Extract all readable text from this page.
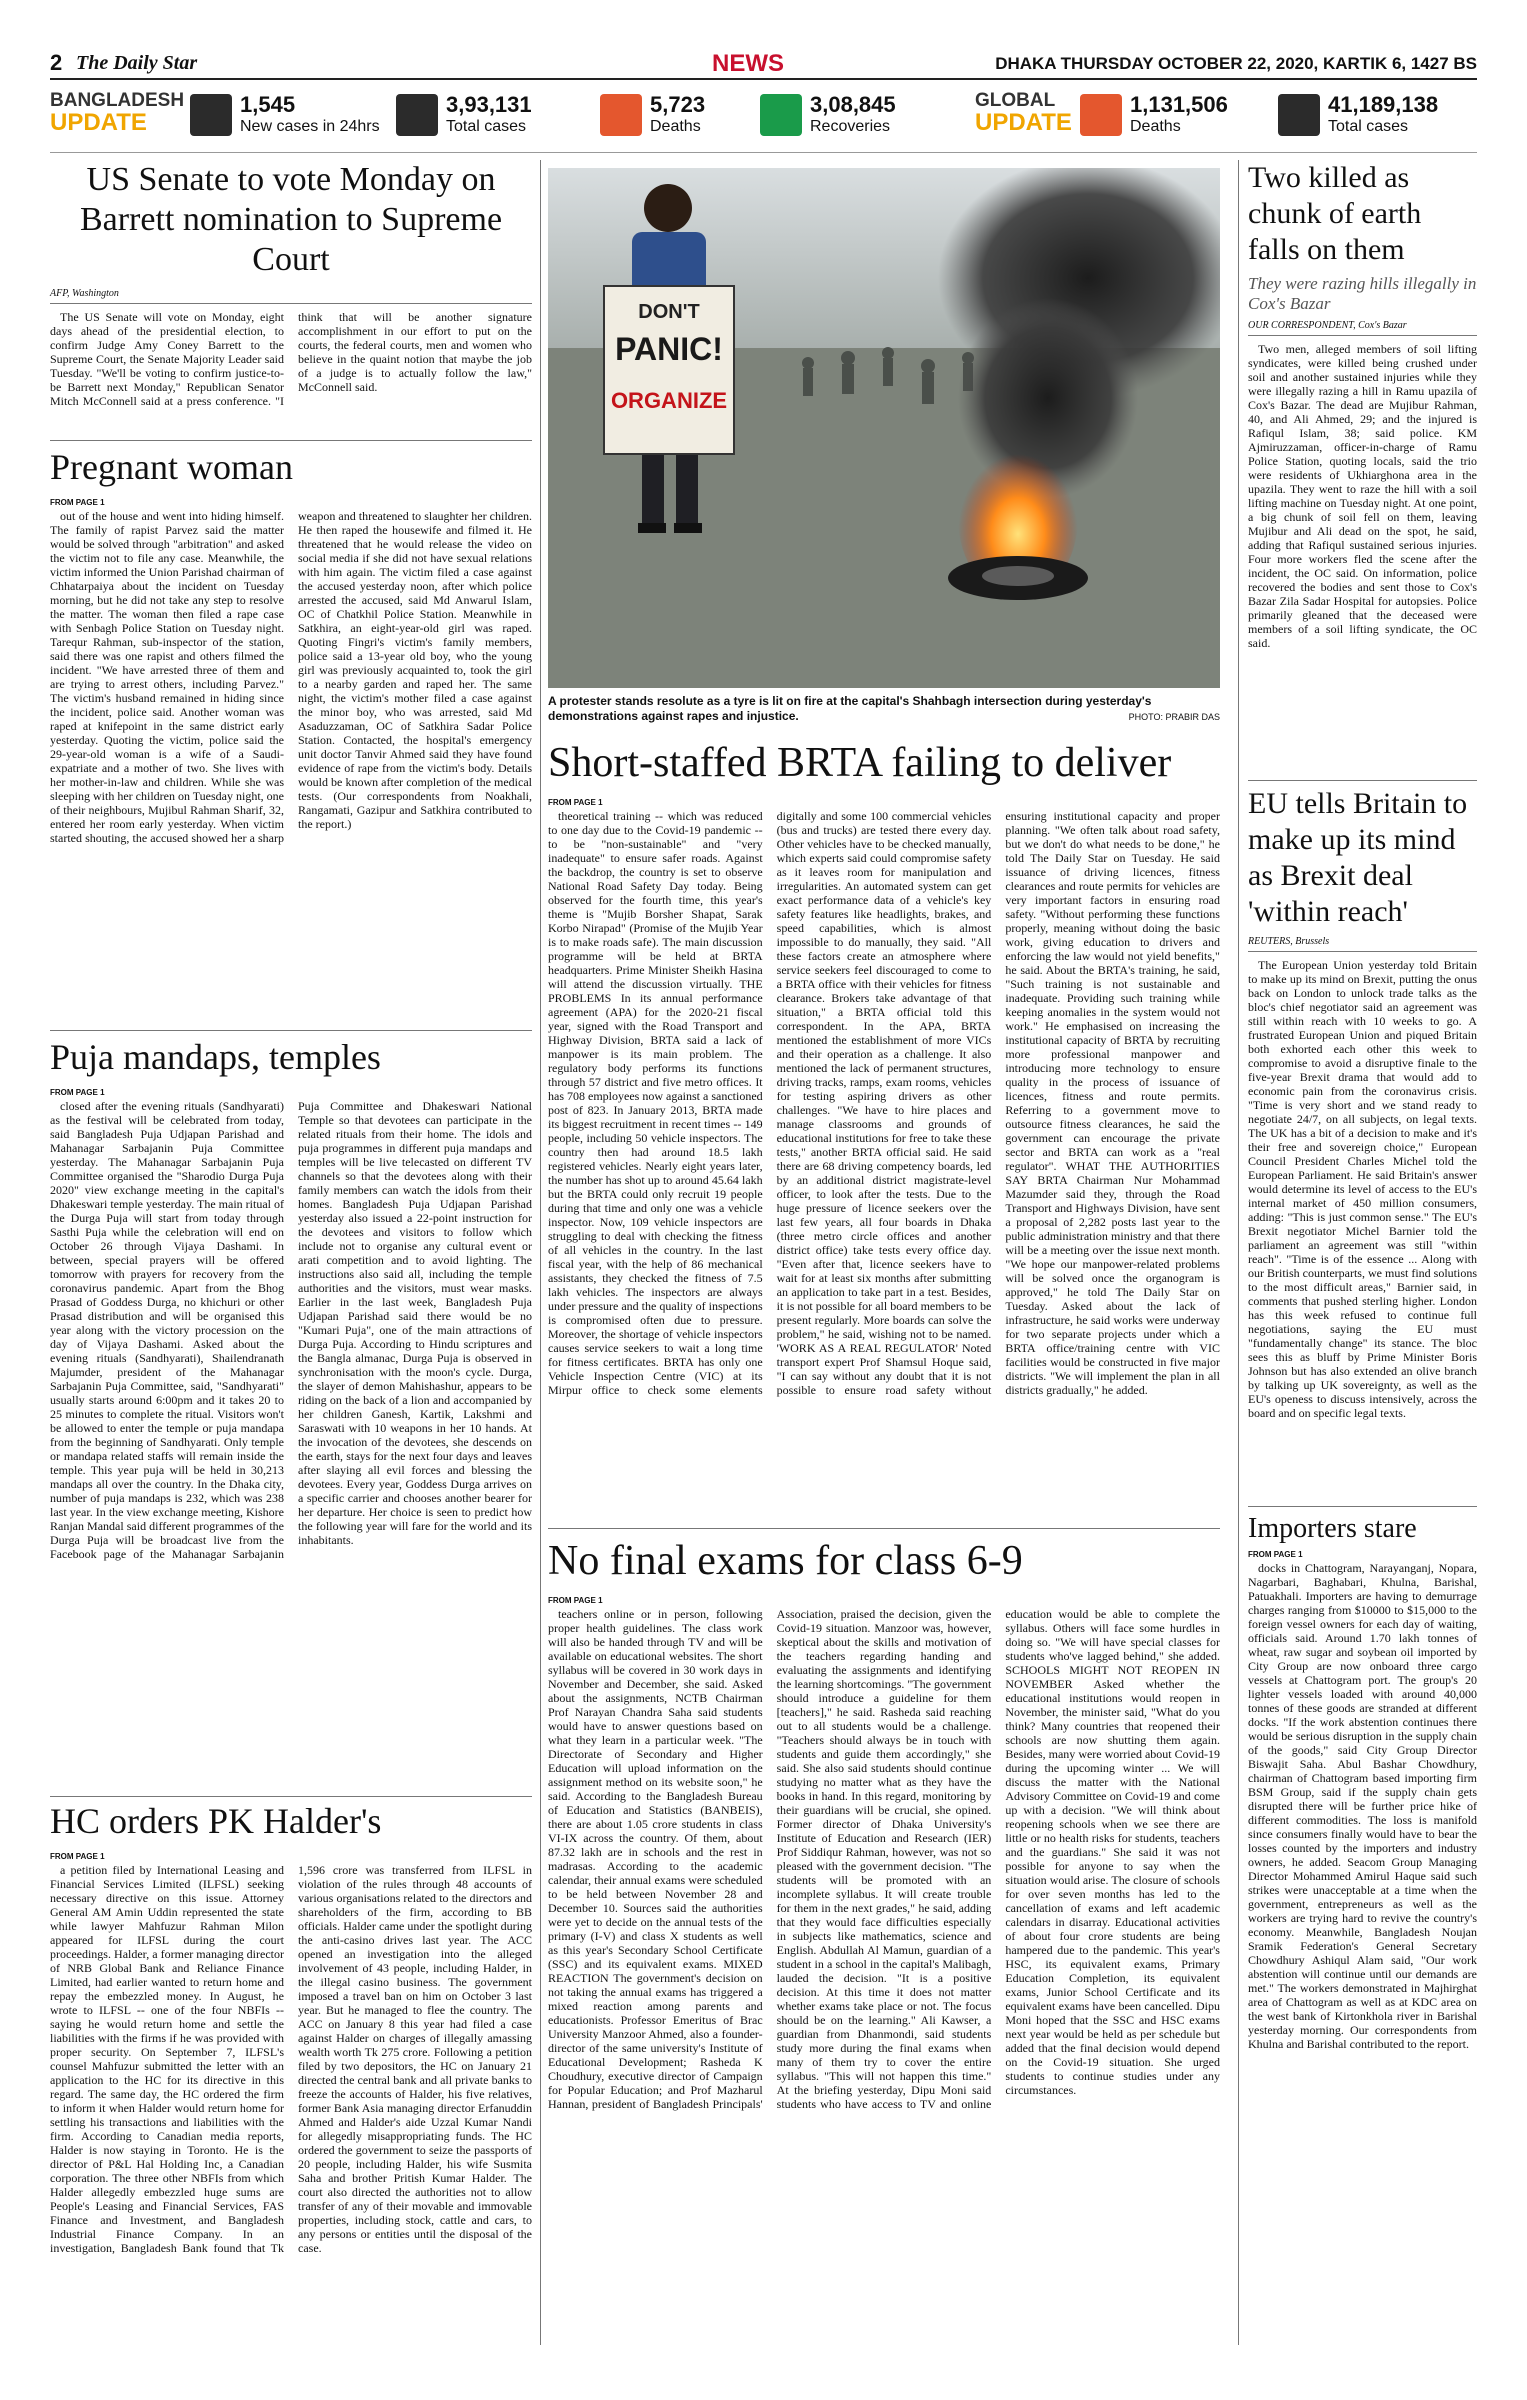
2 The Daily Star	NEWS	DHAKA THURSDAY OCTOBER 22, 2020, KARTIK 6, 1427 BS
BANGLADESH
UPDATE
1,545
New cases in 24hrs
3,93,131
Total cases
5,723
Deaths
3,08,845
Recoveries
GLOBAL
UPDATE
1,131,506
Deaths
41,189,138
Total cases
US Senate to vote Monday on Barrett nomination to Supreme Court
AFP, Washington

The US Senate will vote on Monday, eight days ahead of the presidential election, to confirm Judge Amy Coney Barrett to the Supreme Court, the Senate Majority Leader said Tuesday. "We'll be voting to confirm justice-to-be Barrett next Monday," Republican Senator Mitch McConnell said at a press conference. "I think that will be another signature accomplishment in our effort to put on the courts, the federal courts, men and women who believe in the quaint notion that maybe the job of a judge is to actually follow the law," McConnell said.

Pregnant woman
FROM PAGE 1

out of the house and went into hiding himself. The family of rapist Parvez said the matter would be solved through "arbitration" and asked the victim not to file any case. Meanwhile, the victim informed the Union Parishad chairman of Chhatarpaiya about the incident on Tuesday morning, but he did not take any step to resolve the matter. The woman then filed a rape case with Senbagh Police Station on Tuesday night. Tarequr Rahman, sub-inspector of the station, said there was one rapist and others filmed the incident. "We have arrested three of them and are trying to arrest others, including Parvez." The victim's husband remained in hiding since the incident, police said. Another woman was raped at knifepoint in the same district early yesterday. Quoting the victim, police said the 29-year-old woman is a wife of a Saudi-expatriate and a mother of two. She lives with her mother-in-law and children. While she was sleeping with her children on Tuesday night, one of their neighbours, Mujibul Rahman Sharif, 32, entered her room early yesterday. When victim started shouting, the accused showed her a sharp weapon and threatened to slaughter her children. He then raped the housewife and filmed it. He threatened that he would release the video on social media if she did not have sexual relations with him again. The victim filed a case against the accused yesterday noon, after which police arrested the accused, said Md Anwarul Islam, OC of Chatkhil Police Station. Meanwhile in Satkhira, an eight-year-old girl was raped. Quoting Fingri's victim's family members, police said a 13-year old boy, who the young girl was previously acquainted to, took the girl to a nearby garden and raped her. The same night, the victim's mother filed a case against the minor boy, who was arrested, said Md Asaduzzaman, OC of Satkhira Sadar Police Station. Contacted, the hospital's emergency unit doctor Tanvir Ahmed said they have found evidence of rape from the victim's body. Details would be known after completion of the medical tests. (Our correspondents from Noakhali, Rangamati, Gazipur and Satkhira contributed to the report.)

Puja mandaps, temples
FROM PAGE 1

closed after the evening rituals (Sandhyarati) as the festival will be celebrated from today, said Bangladesh Puja Udjapan Parishad and Mahanagar Sarbajanin Puja Committee yesterday. The Mahanagar Sarbajanin Puja Committee organised the "Sharodio Durga Puja 2020" view exchange meeting in the capital's Dhakeswari temple yesterday. The main ritual of the Durga Puja will start from today through Sasthi Puja while the celebration will end on October 26 through Vijaya Dashami. In between, special prayers will be offered tomorrow with prayers for recovery from the coronavirus pandemic. Apart from the Bhog Prasad of Goddess Durga, no khichuri or other Prasad distribution and will be organised this year along with the victory procession on the day of Vijaya Dashami. Asked about the evening rituals (Sandhyarati), Shailendranath Majumder, president of the Mahanagar Sarbajanin Puja Committee, said, "Sandhyarati" usually starts around 6:00pm and it takes 20 to 25 minutes to complete the ritual. Visitors won't be allowed to enter the temple or puja mandapa from the beginning of Sandhyarati. Only temple or mandapa related staffs will remain inside the temple. This year puja will be held in 30,213 mandaps all over the country. In the Dhaka city, number of puja mandaps is 232, which was 238 last year. In the view exchange meeting, Kishore Ranjan Mandal said different programmes of the Durga Puja will be broadcast live from the Facebook page of the Mahanagar Sarbajanin Puja Committee and Dhakeswari National Temple so that devotees can participate in the related rituals from their home. The idols and puja programmes in different puja mandaps and temples will be live telecasted on different TV channels so that the devotees along with their family members can watch the idols from their homes. Bangladesh Puja Udjapan Parishad yesterday also issued a 22-point instruction for the devotees and visitors to follow which include not to organise any cultural event or arati competition and to avoid lighting. The instructions also said all, including the temple authorities and the visitors, must wear masks. Earlier in the last week, Bangladesh Puja Udjapan Parishad said there would be no "Kumari Puja", one of the main attractions of Durga Puja. According to Hindu scriptures and the Bangla almanac, Durga Puja is observed in synchronisation with the moon's cycle. Durga, the slayer of demon Mahishashur, appears to be riding on the back of a lion and accompanied by her children Ganesh, Kartik, Lakshmi and Saraswati with 10 weapons in her 10 hands. At the invocation of the devotees, she descends on the earth, stays for the next four days and leaves after slaying all evil forces and blessing the devotees. Every year, Goddess Durga arrives on a specific carrier and chooses another bearer for her departure. Her choice is seen to predict how the following year will fare for the world and its inhabitants.

HC orders PK Halder's
FROM PAGE 1

a petition filed by International Leasing and Financial Services Limited (ILFSL) seeking necessary directive on this issue. Attorney General AM Amin Uddin represented the state while lawyer Mahfuzur Rahman Milon appeared for ILFSL during the court proceedings. Halder, a former managing director of NRB Global Bank and Reliance Finance Limited, had earlier wanted to return home and repay the embezzled money. In August, he wrote to ILFSL -- one of the four NBFIs -- saying he would return home and settle the liabilities with the firms if he was provided with proper security. On September 7, ILFSL's counsel Mahfuzur submitted the letter with an application to the HC for its directive in this regard. The same day, the HC ordered the firm to inform it when Halder would return home for settling his transactions and liabilities with the firm. According to Canadian media reports, Halder is now staying in Toronto. He is the director of P&L Hal Holding Inc, a Canadian corporation. The three other NBFIs from which Halder allegedly embezzled huge sums are People's Leasing and Financial Services, FAS Finance and Investment, and Bangladesh Industrial Finance Company. In an investigation, Bangladesh Bank found that Tk 1,596 crore was transferred from ILFSL in violation of the rules through 48 accounts of various organisations related to the directors and shareholders of the firm, according to BB officials. Halder came under the spotlight during the anti-casino drives last year. The ACC opened an investigation into the alleged involvement of 43 people, including Halder, in the illegal casino business. The government imposed a travel ban on him on October 3 last year. But he managed to flee the country. The ACC on January 8 this year had filed a case against Halder on charges of illegally amassing wealth worth Tk 275 crore. Following a petition filed by two depositors, the HC on January 21 directed the central bank and all private banks to freeze the accounts of Halder, his five relatives, former Bank Asia managing director Erfanuddin Ahmed and Halder's aide Uzzal Kumar Nandi for allegedly misappropriating funds. The HC ordered the government to seize the passports of 20 people, including Halder, his wife Susmita Saha and brother Pritish Kumar Halder. The court also directed the authorities not to allow transfer of any of their movable and immovable properties, including stock, cattle and cars, to any persons or entities until the disposal of the case.

DON'T
PANIC!
ORGANIZE
A protester stands resolute as a tyre is lit on fire at the capital's Shahbagh intersection during yesterday's demonstrations against rapes and injustice.	PHOTO: PRABIR DAS
Short-staffed BRTA failing to deliver
FROM PAGE 1

theoretical training -- which was reduced to one day due to the Covid-19 pandemic -- to be "non-sustainable" and "very inadequate" to ensure safer roads. Against the backdrop, the country is set to observe National Road Safety Day today. Being observed for the fourth time, this year's theme is "Mujib Borsher Shapat, Sarak Korbo Nirapad" (Promise of the Mujib Year is to make roads safe). The main discussion programme will be held at BRTA headquarters. Prime Minister Sheikh Hasina will attend the discussion virtually. THE PROBLEMS In its annual performance agreement (APA) for the 2020-21 fiscal year, signed with the Road Transport and Highway Division, BRTA said a lack of manpower is its main problem. The regulatory body performs its functions through 57 district and five metro offices. It has 708 employees now against a sanctioned post of 823. In January 2013, BRTA made its biggest recruitment in recent times -- 149 people, including 50 vehicle inspectors. The country then had around 18.5 lakh registered vehicles. Nearly eight years later, the number has shot up to around 45.64 lakh but the BRTA could only recruit 19 people during that time and only one was a vehicle inspector. Now, 109 vehicle inspectors are struggling to deal with checking the fitness of all vehicles in the country. In the last fiscal year, with the help of 86 mechanical assistants, they checked the fitness of 7.5 lakh vehicles. The inspectors are always under pressure and the quality of inspections is compromised often due to pressure. Moreover, the shortage of vehicle inspectors causes service seekers to wait a long time for fitness certificates. BRTA has only one Vehicle Inspection Centre (VIC) at its Mirpur office to check some elements digitally and some 100 commercial vehicles (bus and trucks) are tested there every day. Other vehicles have to be checked manually, which experts said could compromise safety as it leaves room for manipulation and irregularities. An automated system can get exact performance data of a vehicle's key safety features like headlights, brakes, and speed capabilities, which is almost impossible to do manually, they said. "All these factors create an atmosphere where service seekers feel discouraged to come to a BRTA office with their vehicles for fitness clearance. Brokers take advantage of that situation," a BRTA official told this correspondent. In the APA, BRTA mentioned the establishment of more VICs and their operation as a challenge. It also mentioned the lack of permanent structures, driving tracks, ramps, exam rooms, vehicles for testing aspiring drivers as other challenges. "We have to hire places and manage classrooms and grounds of educational institutions for free to take these tests," another BRTA official said. He said there are 68 driving competency boards, led by an additional district magistrate-level officer, to look after the tests. Due to the huge pressure of licence seekers over the last few years, all four boards in Dhaka (three metro circle offices and another district office) take tests every office day. "Even after that, licence seekers have to wait for at least six months after submitting an application to take part in a test. Besides, it is not possible for all board members to be present regularly. More boards can solve the problem," he said, wishing not to be named. 'WORK AS A REAL REGULATOR' Noted transport expert Prof Shamsul Hoque said, "I can say without any doubt that it is not possible to ensure road safety without ensuring institutional capacity and proper planning. "We often talk about road safety, but we don't do what needs to be done," he told The Daily Star on Tuesday. He said issuance of driving licences, fitness clearances and route permits for vehicles are very important factors in ensuring road safety. "Without performing these functions properly, meaning without doing the basic work, giving education to drivers and enforcing the law would not yield benefits," he said. About the BRTA's training, he said, "Such training is not sustainable and inadequate. Providing such training while keeping anomalies in the system would not work." He emphasised on increasing the institutional capacity of BRTA by recruiting more professional manpower and introducing more technology to ensure quality in the process of issuance of licences, fitness and route permits. Referring to a government move to outsource fitness clearances, he said the government can encourage the private sector and BRTA can work as a "real regulator". WHAT THE AUTHORITIES SAY BRTA Chairman Nur Mohammad Mazumder said they, through the Road Transport and Highways Division, have sent a proposal of 2,282 posts last year to the public administration ministry and that there will be a meeting over the issue next month. "We hope our manpower-related problems will be solved once the organogram is approved," he told The Daily Star on Tuesday. Asked about the lack of infrastructure, he said works were underway for two separate projects under which a BRTA office/training centre with VIC facilities would be constructed in five major districts. "We will implement the plan in all districts gradually," he added.

No final exams for class 6-9
FROM PAGE 1

teachers online or in person, following proper health guidelines. The class work will also be handed through TV and will be available on educational websites. The short syllabus will be covered in 30 work days in November and December, she said. Asked about the assignments, NCTB Chairman Prof Narayan Chandra Saha said students would have to answer questions based on what they learn in a particular week. "The Directorate of Secondary and Higher Education will upload information on the assignment method on its website soon," he said. According to the Bangladesh Bureau of Education and Statistics (BANBEIS), there are about 1.05 crore students in class VI-IX across the country. Of them, about 87.32 lakh are in schools and the rest in madrasas. According to the academic calendar, their annual exams were scheduled to be held between November 28 and December 10. Sources said the authorities were yet to decide on the annual tests of the primary (I-V) and class X students as well as this year's Secondary School Certificate (SSC) and its equivalent exams. MIXED REACTION The government's decision on not taking the annual exams has triggered a mixed reaction among parents and educationists. Professor Emeritus of Brac University Manzoor Ahmed, also a founder-director of the same university's Institute of Educational Development; Rasheda K Choudhury, executive director of Campaign for Popular Education; and Prof Mazharul Hannan, president of Bangladesh Principals' Association, praised the decision, given the Covid-19 situation. Manzoor was, however, skeptical about the skills and motivation of the teachers regarding handing and evaluating the assignments and identifying the learning shortcomings. "The government should introduce a guideline for them [teachers]," he said. Rasheda said reaching out to all students would be a challenge. "Teachers should always be in touch with students and guide them accordingly," she said. She also said students should continue studying no matter what as they have the books in hand. In this regard, monitoring by their guardians will be crucial, she opined. Former director of Dhaka University's Institute of Education and Research (IER) Prof Siddiqur Rahman, however, was not so pleased with the government decision. "The students will be promoted with an incomplete syllabus. It will create trouble for them in the next grades," he said, adding that they would face difficulties especially in subjects like mathematics, science and English. Abdullah Al Mamun, guardian of a student in a school in the capital's Malibagh, lauded the decision. "It is a positive decision. At this time it does not matter whether exams take place or not. The focus should be on the learning." Ali Kawser, a guardian from Dhanmondi, said students study more during the final exams when many of them try to cover the entire syllabus. "This will not happen this time." At the briefing yesterday, Dipu Moni said students who have access to TV and online education would be able to complete the syllabus. Others will face some hurdles in doing so. "We will have special classes for students who've lagged behind," she added. SCHOOLS MIGHT NOT REOPEN IN NOVEMBER Asked whether the educational institutions would reopen in November, the minister said, "What do you think? Many countries that reopened their schools are now shutting them again. Besides, many were worried about Covid-19 during the upcoming winter ... We will discuss the matter with the National Advisory Committee on Covid-19 and come up with a decision. "We will think about reopening schools when we see there are little or no health risks for students, teachers and the guardians." She said it was not possible for anyone to say when the situation would arise. The closure of schools for over seven months has led to the cancellation of exams and left academic calendars in disarray. Educational activities of about four crore students are being hampered due to the pandemic. This year's HSC, its equivalent exams, Primary Education Completion, its equivalent exams, Junior School Certificate and its equivalent exams have been cancelled. Dipu Moni hoped that the SSC and HSC exams next year would be held as per schedule but added that the final decision would depend on the Covid-19 situation. She urged students to continue studies under any circumstances.

Two killed as chunk of earth falls on them
They were razing hills illegally in Cox's Bazar
OUR CORRESPONDENT, Cox's Bazar

Two men, alleged members of soil lifting syndicates, were killed being crushed under soil and another sustained injuries while they were illegally razing a hill in Ramu upazila of Cox's Bazar. The dead are Mujibur Rahman, 40, and Ali Ahmed, 29; and the injured is Rafiqul Islam, 38; said police. KM Ajmiruzzaman, officer-in-charge of Ramu Police Station, quoting locals, said the trio were residents of Ukhiarghona area in the upazila. They went to raze the hill with a soil lifting machine on Tuesday night. At one point, a big chunk of soil fell on them, leaving Mujibur and Ali dead on the spot, he said, adding that Rafiqul sustained serious injuries. Four more workers fled the scene after the incident, the OC said. On information, police recovered the bodies and sent those to Cox's Bazar Zila Sadar Hospital for autopsies. Police primarily gleaned that the deceased were members of a soil lifting syndicate, the OC said.

EU tells Britain to make up its mind as Brexit deal 'within reach'
REUTERS, Brussels

The European Union yesterday told Britain to make up its mind on Brexit, putting the onus back on London to unlock trade talks as the bloc's chief negotiator said an agreement was still within reach with 10 weeks to go. A frustrated European Union and piqued Britain both exhorted each other this week to compromise to avoid a disruptive finale to the five-year Brexit drama that would add to economic pain from the coronavirus crisis. "Time is very short and we stand ready to negotiate 24/7, on all subjects, on legal texts. The UK has a bit of a decision to make and it's their free and sovereign choice," European Council President Charles Michel told the European Parliament. He said Britain's answer would determine its level of access to the EU's internal market of 450 million consumers, adding: "This is just common sense." The EU's Brexit negotiator Michel Barnier told the parliament an agreement was still "within reach". "Time is of the essence ... Along with our British counterparts, we must find solutions to the most difficult areas," Barnier said, in comments that pushed sterling higher. London has this week refused to continue full negotiations, saying the EU must "fundamentally change" its stance. The bloc sees this as bluff by Prime Minister Boris Johnson but has also extended an olive branch by talking up UK sovereignty, as well as the EU's openess to discuss intensively, across the board and on specific legal texts.

Importers stare
FROM PAGE 1

docks in Chattogram, Narayanganj, Nopara, Nagarbari, Baghabari, Khulna, Barishal, Patuakhali. Importers are having to demurrage charges ranging from $10000 to $15,000 to the foreign vessel owners for each day of waiting, officials said. Around 1.70 lakh tonnes of wheat, raw sugar and soybean oil imported by City Group are now onboard three cargo vessels at Chattogram port. The group's 20 lighter vessels loaded with around 40,000 tonnes of these goods are stranded at different docks. "If the work abstention continues there would be serious disruption in the supply chain of the goods," said City Group Director Biswajit Saha. Abul Bashar Chowdhury, chairman of Chattogram based importing firm BSM Group, said if the supply chain gets disrupted there will be further price hike of different commodities. The loss is manifold since consumers finally would have to bear the losses counted by the importers and industry owners, he added. Seacom Group Managing Director Mohammed Amirul Haque said such strikes were unacceptable at a time when the government, entrepreneurs as well as the workers are trying hard to revive the country's economy. Meanwhile, Bangladesh Noujan Sramik Federation's General Secretary Chowdhury Ashiqul Alam said, "Our work abstention will continue until our demands are met." The workers demonstrated in Majhirghat area of Chattogram as well as at KDC area on the west bank of Kirtonkhola river in Barishal yesterday morning. Our correspondents from Khulna and Barishal contributed to the report.
